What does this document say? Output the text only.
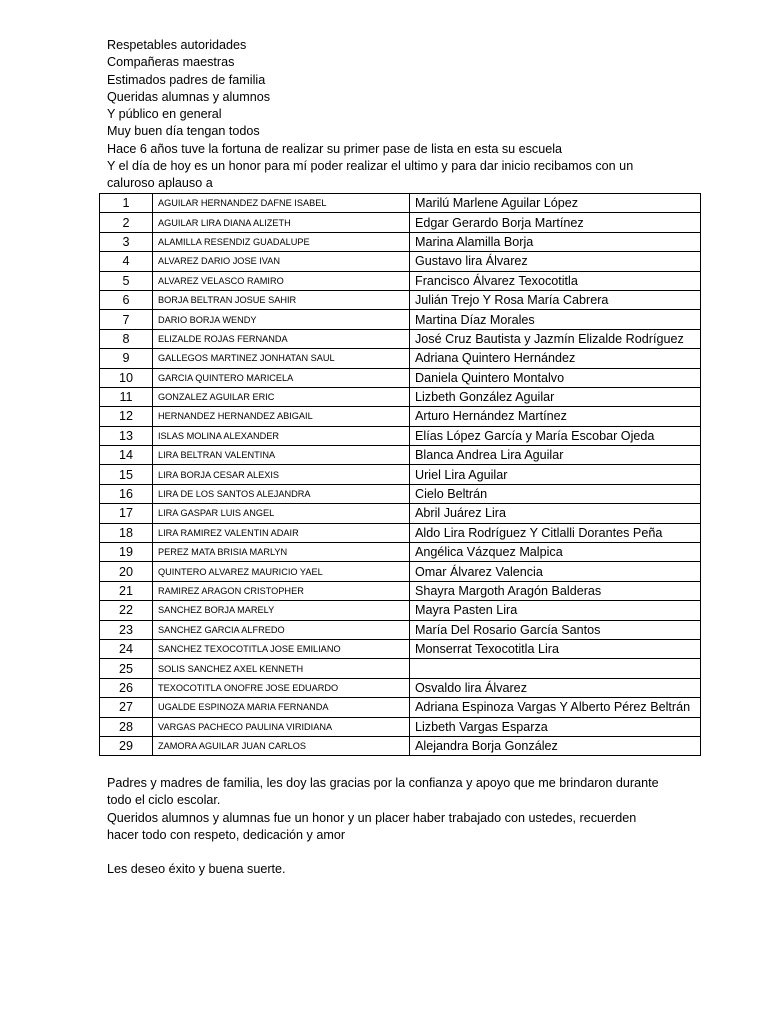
Respetables autoridades

Compañeras maestras

Estimados padres de familia

Queridas alumnas y alumnos

Y público en general

Muy buen día tengan todos

Hace 6 años tuve la fortuna de realizar su primer pase de lista en esta su escuela

Y el día de hoy es un honor para mí poder realizar el ultimo y para dar inicio recibamos con un

caluroso aplauso a

1	AGUILAR HERNANDEZ DAFNE ISABEL	Marilú Marlene Aguilar López
2	AGUILAR LIRA DIANA ALIZETH	Edgar Gerardo Borja Martínez
3	ALAMILLA RESENDIZ GUADALUPE	Marina Alamilla Borja
4	ALVAREZ DARIO JOSE IVAN	Gustavo lira Álvarez
5	ALVAREZ VELASCO RAMIRO	Francisco Álvarez Texocotitla
6	BORJA BELTRAN JOSUE SAHIR	Julián Trejo Y Rosa María Cabrera
7	DARIO BORJA WENDY	Martina Díaz Morales
8	ELIZALDE ROJAS FERNANDA	José Cruz Bautista y Jazmín Elizalde Rodríguez
9	GALLEGOS MARTINEZ JONHATAN SAUL	Adriana Quintero Hernández
10	GARCIA QUINTERO MARICELA	Daniela Quintero Montalvo
11	GONZALEZ AGUILAR ERIC	Lizbeth González Aguilar
12	HERNANDEZ HERNANDEZ ABIGAIL	Arturo Hernández Martínez
13	ISLAS MOLINA ALEXANDER	Elías López García y María Escobar Ojeda
14	LIRA BELTRAN VALENTINA	Blanca Andrea Lira Aguilar
15	LIRA BORJA CESAR ALEXIS	Uriel Lira Aguilar
16	LIRA DE LOS SANTOS ALEJANDRA	Cielo Beltrán
17	LIRA GASPAR LUIS ANGEL	Abril Juárez Lira
18	LIRA RAMIREZ VALENTIN ADAIR	Aldo Lira Rodríguez Y Citlalli Dorantes Peña
19	PEREZ MATA BRISIA MARLYN	Angélica Vázquez Malpica
20	QUINTERO ALVAREZ MAURICIO YAEL	Omar Álvarez Valencia
21	RAMIREZ ARAGON CRISTOPHER	Shayra Margoth Aragón Balderas
22	SANCHEZ BORJA MARELY	Mayra Pasten Lira
23	SANCHEZ GARCIA ALFREDO	María Del Rosario García Santos
24	SANCHEZ TEXOCOTITLA JOSE EMILIANO	Monserrat Texocotitla Lira
25	SOLIS SANCHEZ AXEL KENNETH	
26	TEXOCOTITLA ONOFRE JOSE EDUARDO	Osvaldo lira Álvarez
27	UGALDE ESPINOZA MARIA FERNANDA	Adriana Espinoza Vargas Y Alberto Pérez Beltrán
28	VARGAS PACHECO PAULINA VIRIDIANA	Lizbeth Vargas Esparza
29	ZAMORA AGUILAR JUAN CARLOS	Alejandra Borja González

Padres y madres de familia, les doy las gracias por la confianza y apoyo que me brindaron durante

todo el ciclo escolar.

Queridos alumnos y alumnas fue un honor y un placer haber trabajado con ustedes, recuerden

hacer todo con respeto, dedicación y amor

Les deseo éxito y buena suerte.
